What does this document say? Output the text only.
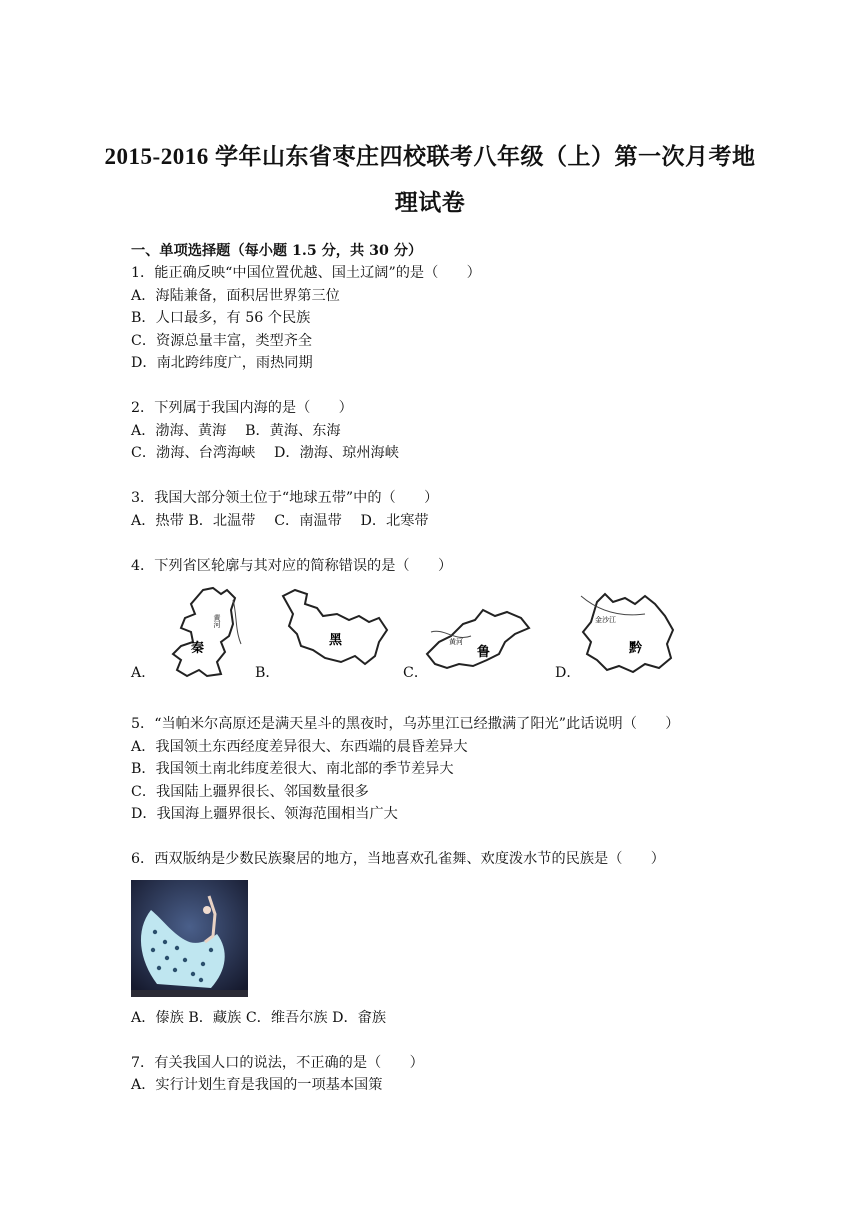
2015-2016 学年山东省枣庄四校联考八年级（上）第一次月考地
理试卷
一、单项选择题（每小题 1.5 分，共 30 分）
1．能正确反映“中国位置优越、国土辽阔”的是（　　）
A．海陆兼备，面积居世界第三位
B．人口最多，有 56 个民族
C．资源总量丰富，类型齐全
D．南北跨纬度广，雨热同期
2．下列属于我国内海的是（　　）
A．渤海、黄海　 B．黄海、东海
C．渤海、台湾海峡　 D．渤海、琼州海峡
3．我国大部分领土位于“地球五带”中的（　　）
A．热带 B．北温带　 C．南温带　 D．北寒带
4．下列省区轮廓与其对应的简称错误的是（　　）
A．
秦
黄河
B．
黑
C．
鲁
黄河
D．
黔
金沙江
5．“当帕米尔高原还是满天星斗的黑夜时，乌苏里江已经撒满了阳光”此话说明（　　）
A．我国领土东西经度差异很大、东西端的晨昏差异大
B．我国领土南北纬度差很大、南北部的季节差异大
C．我国陆上疆界很长、邻国数量很多
D．我国海上疆界很长、领海范围相当广大
6．西双版纳是少数民族聚居的地方，当地喜欢孔雀舞、欢度泼水节的民族是（　　）
A．傣族 B．藏族 C．维吾尔族 D．畲族
7．有关我国人口的说法，不正确的是（　　）
A．实行计划生育是我国的一项基本国策
